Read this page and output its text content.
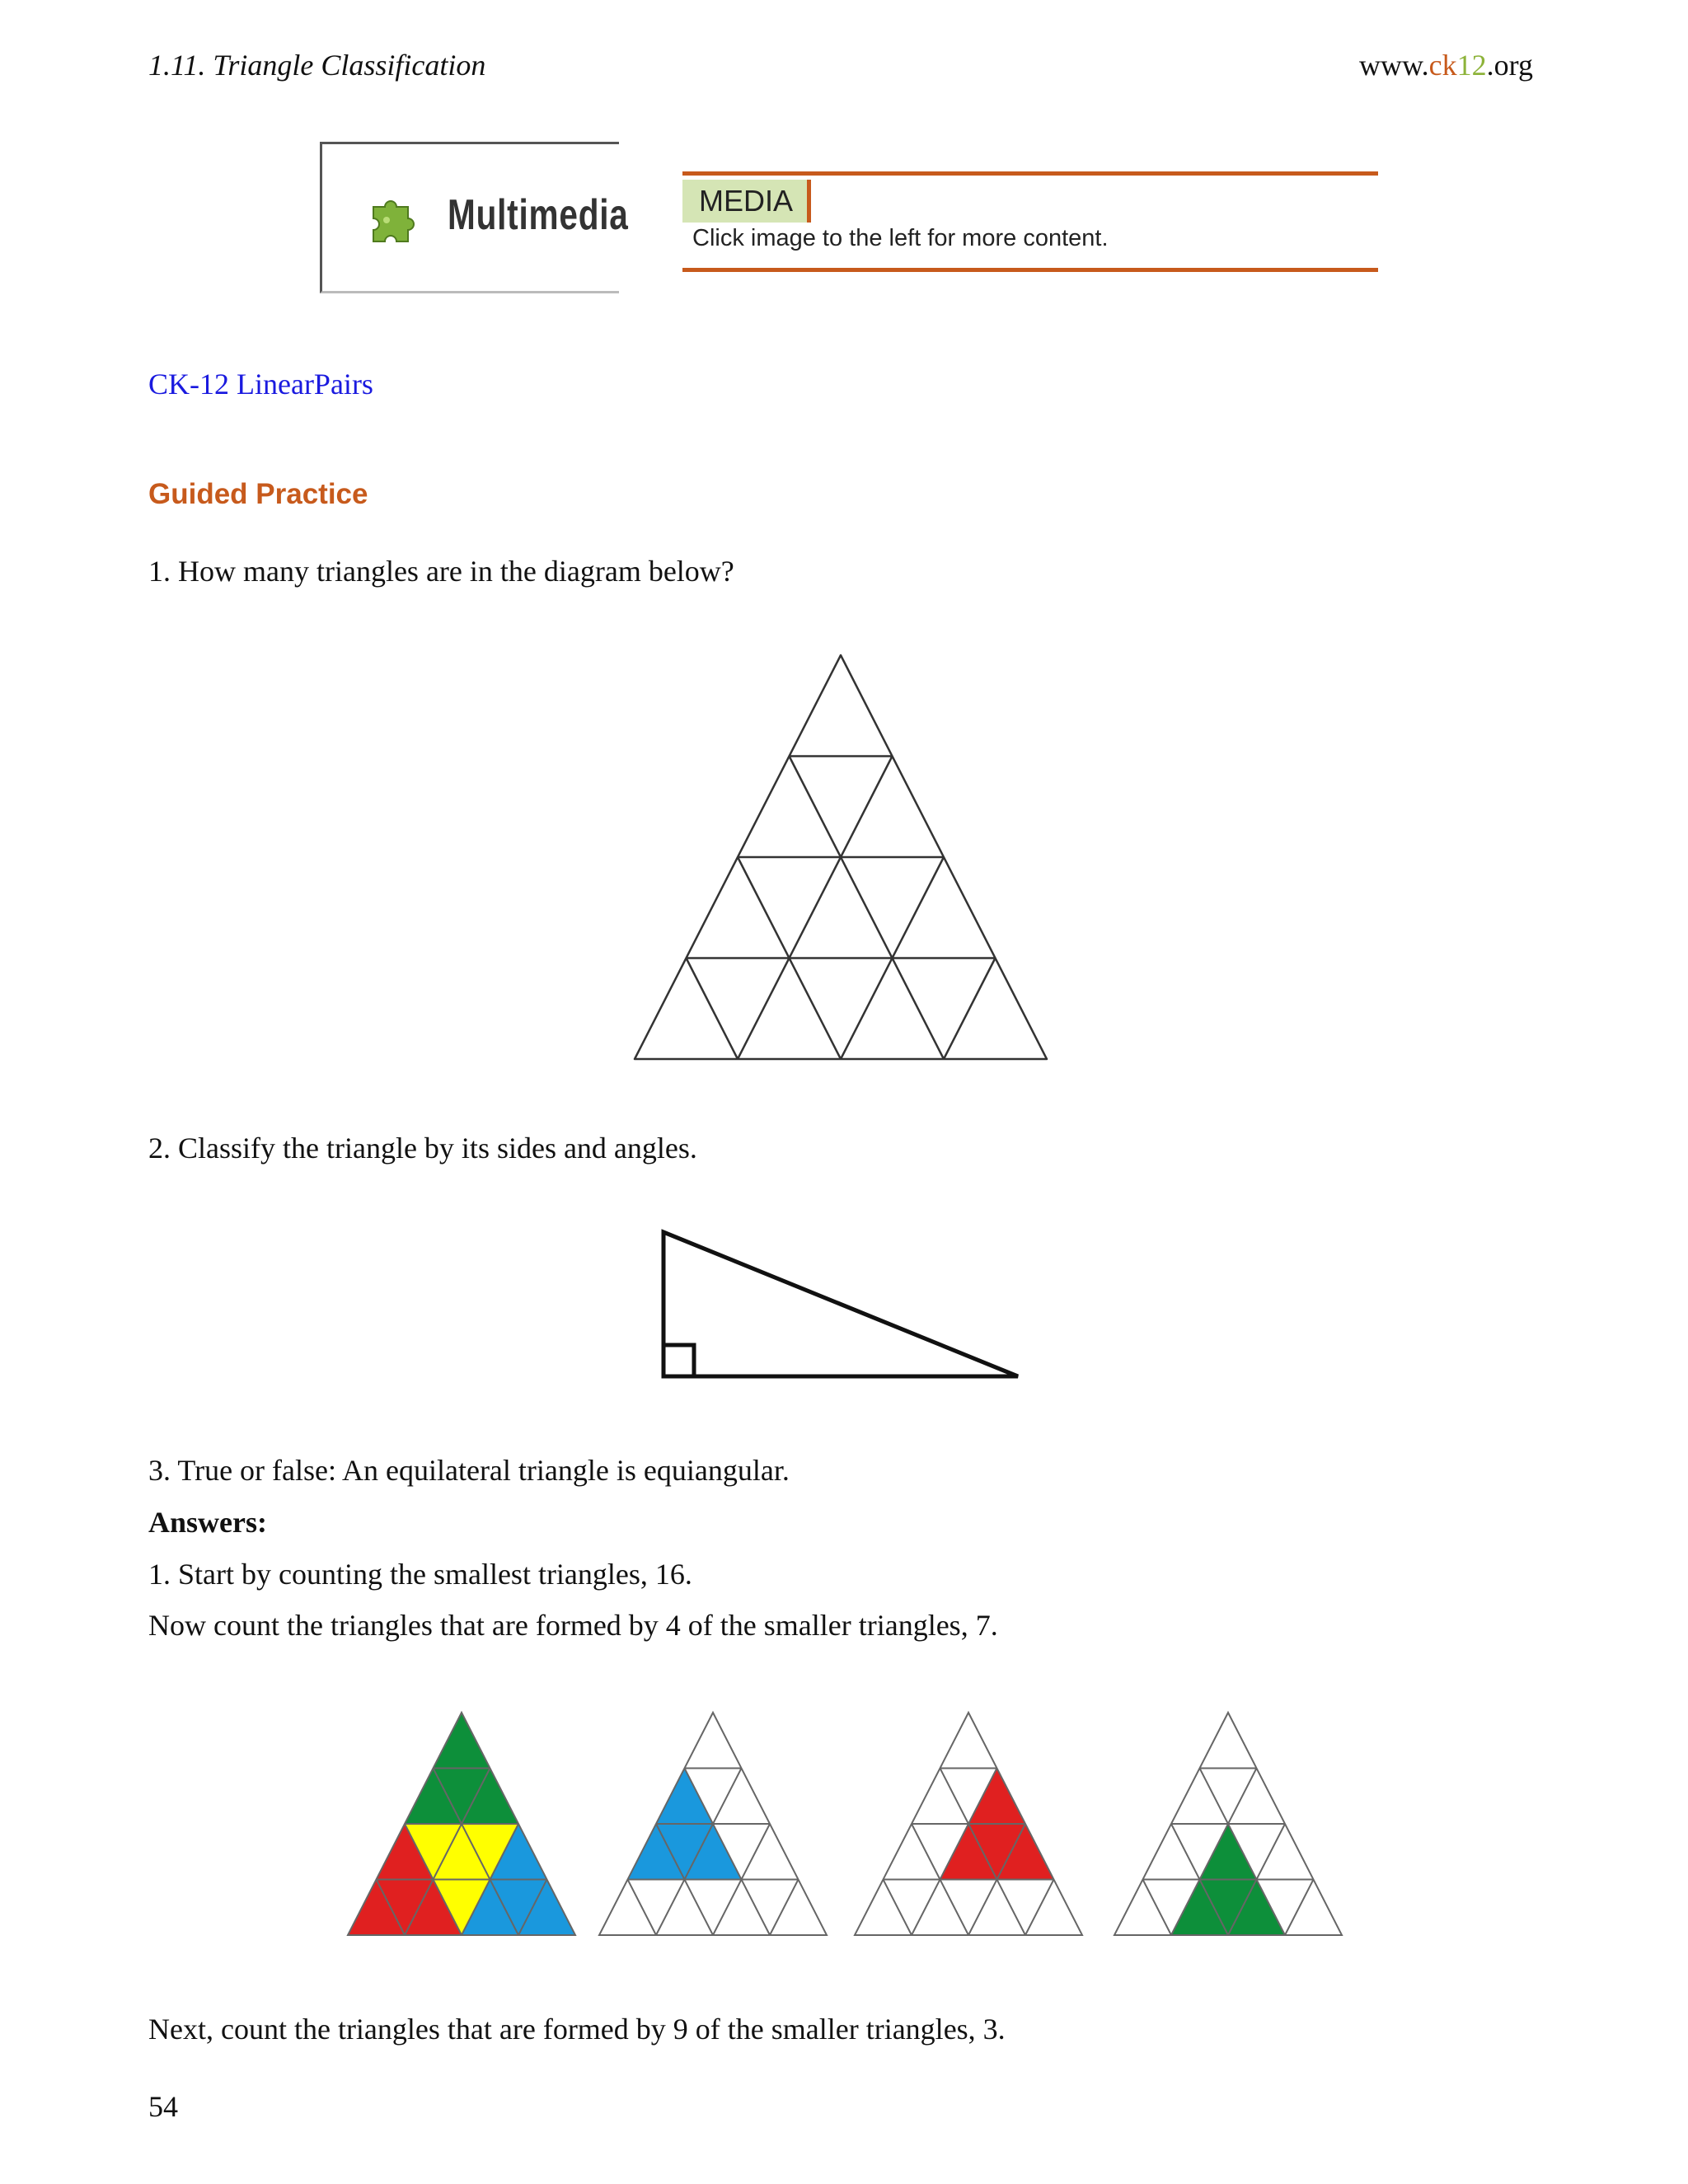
1.11. Triangle Classification	www.ck12.org
Multimedia	MEDIA
Click image to the left for more content.
CK-12 LinearPairs
Guided Practice
1. How many triangles are in the diagram below?
2. Classify the triangle by its sides and angles.
3. True or false: An equilateral triangle is equiangular.
Answers:
1. Start by counting the smallest triangles, 16.
Now count the triangles that are formed by 4 of the smaller triangles, 7.
Next, count the triangles that are formed by 9 of the smaller triangles, 3.
54
